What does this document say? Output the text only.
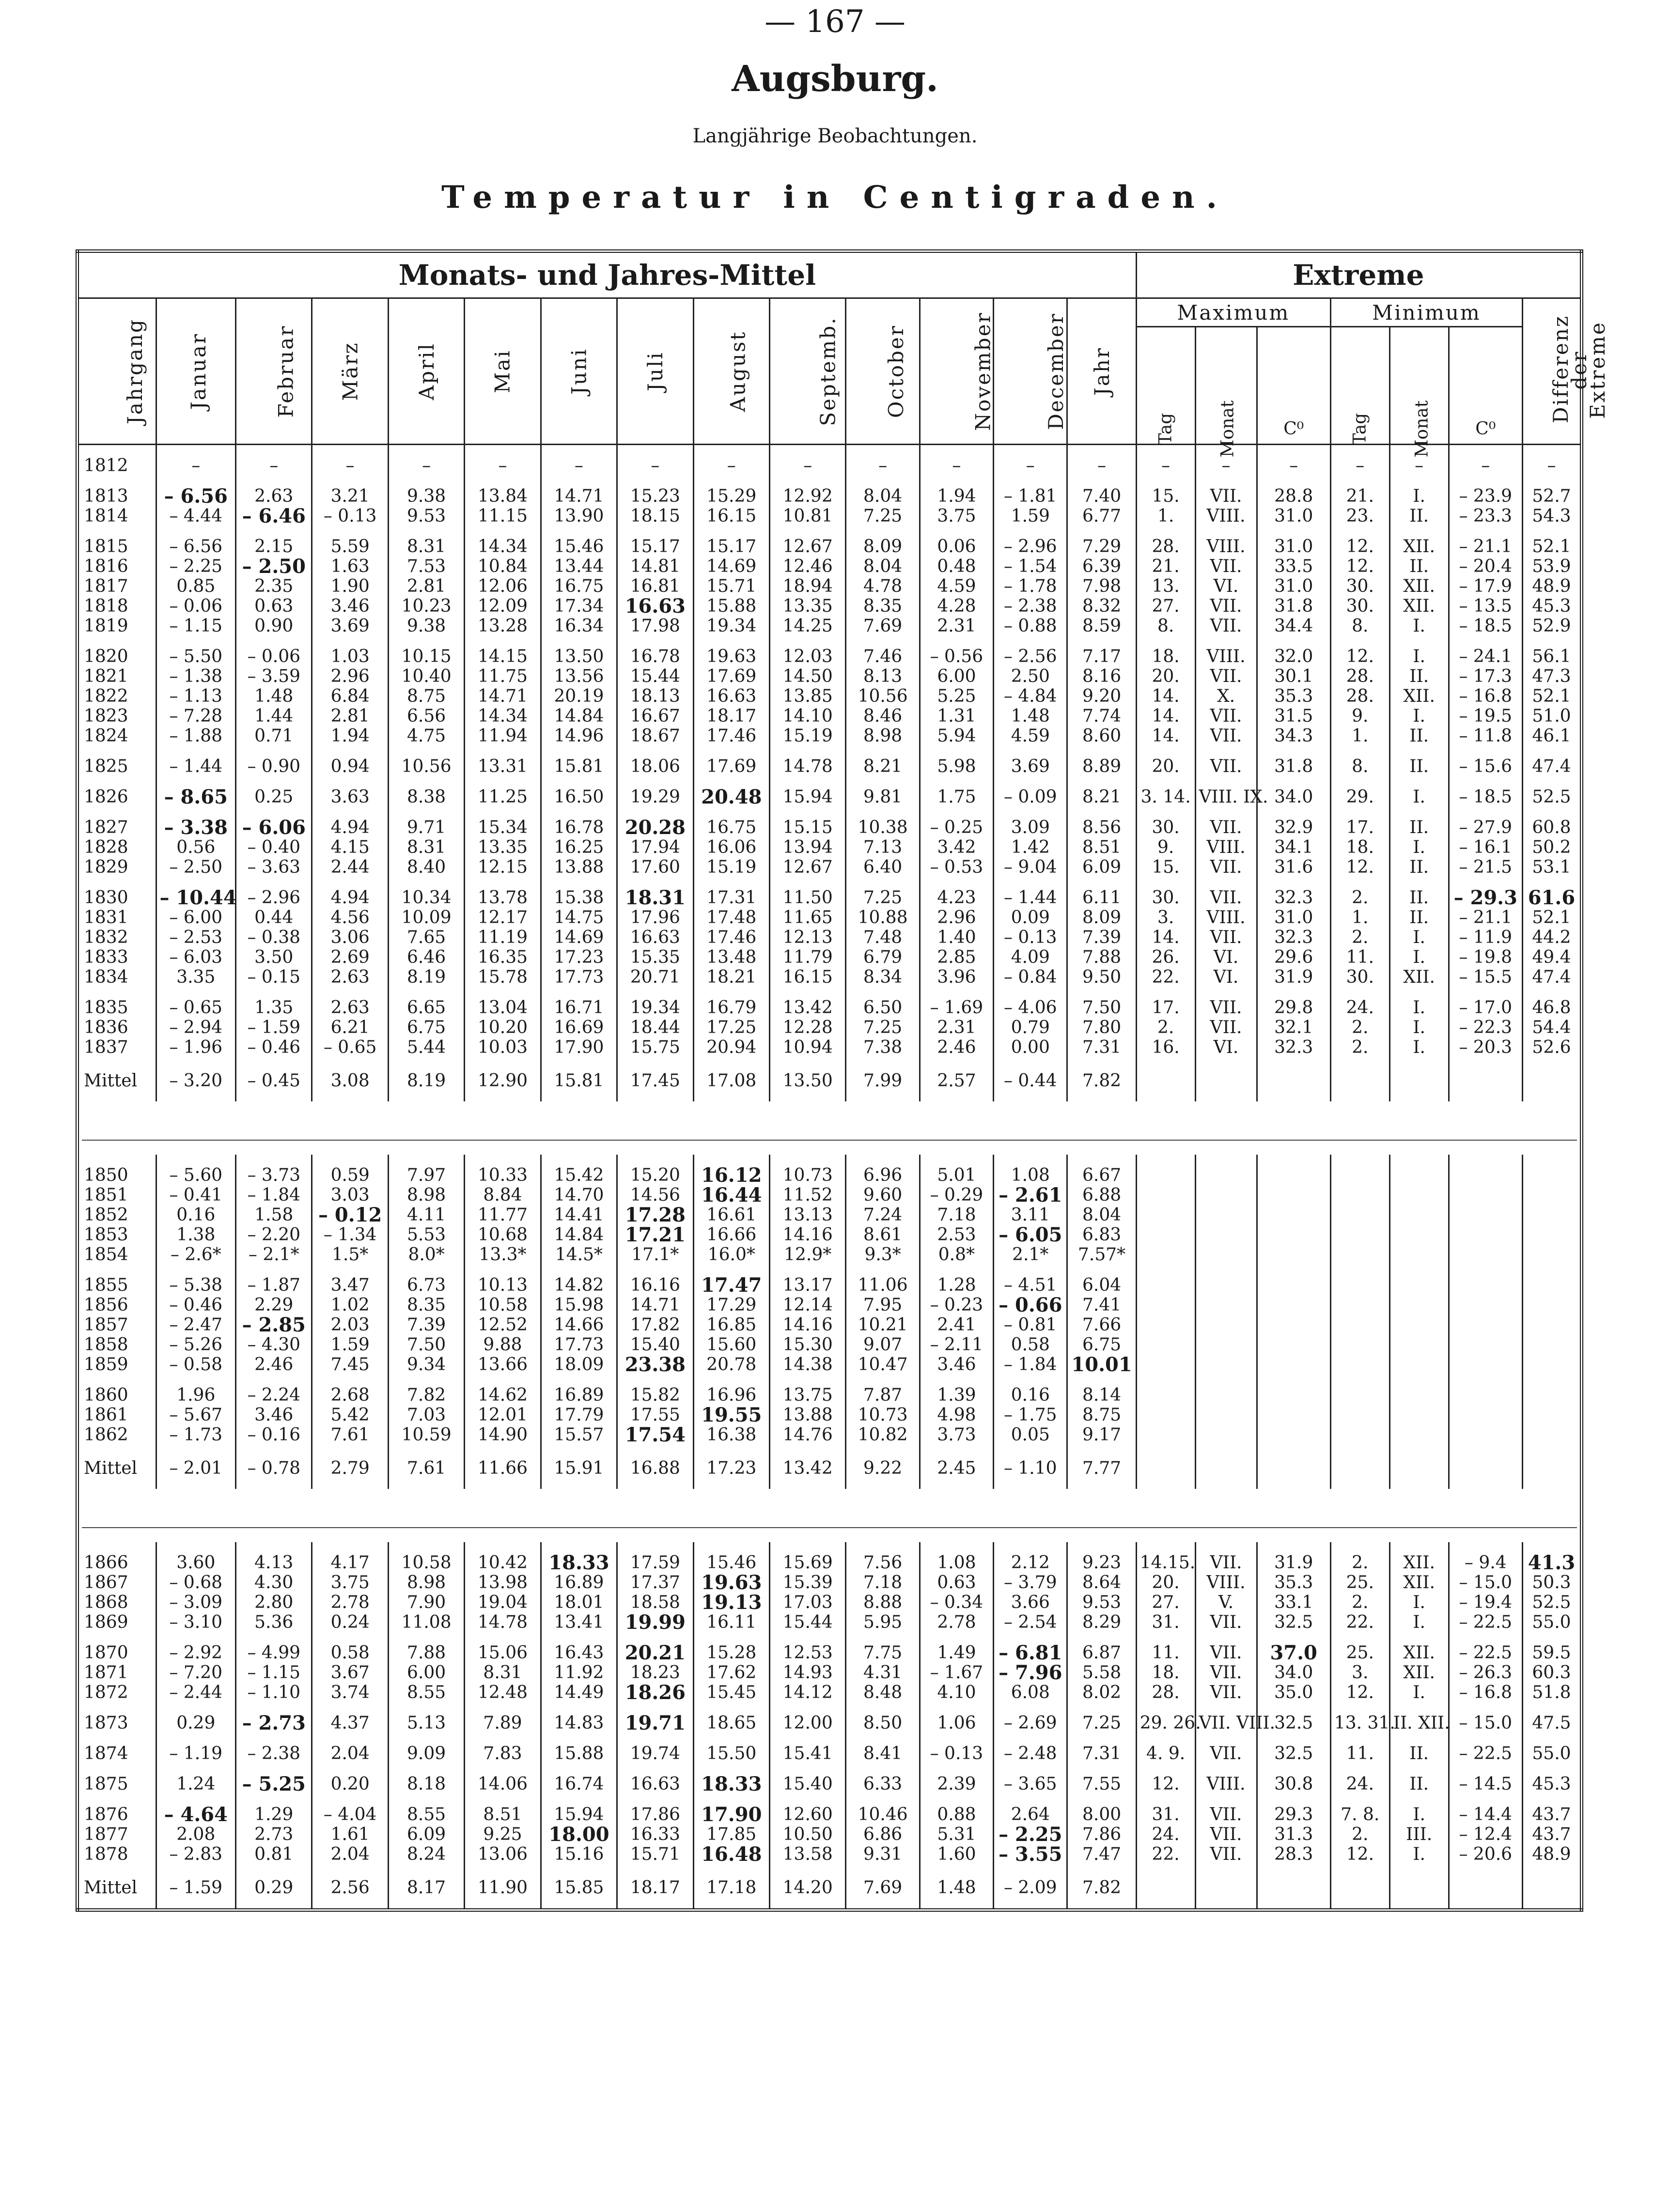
— 167 —
Augsburg.
Langjährige Beobachtungen.
Temperatur in Centigraden.
Monats- und Jahres-Mittel														Extreme						
Jahrgang	Januar	Februar	März	April	Mai	Juni	Juli	August	Septemb.	October	November	December	Jahr	Maximum			Minimum			Differenz der Extreme
														Tag	Monat	C⁰	Tag	Monat	C⁰	

1812	–	–	–	–	–	–	–	–	–	–	–	–	–	–	–	–	–	–	–	–

1813	– 6.56	2.63	3.21	9.38	13.84	14.71	15.23	15.29	12.92	8.04	1.94	– 1.81	7.40	15.	VII.	28.8	21.	I.	– 23.9	52.7
1814	– 4.44	– 6.46	– 0.13	9.53	11.15	13.90	18.15	16.15	10.81	7.25	3.75	1.59	6.77	1.	VIII.	31.0	23.	II.	– 23.3	54.3

1815	– 6.56	2.15	5.59	8.31	14.34	15.46	15.17	15.17	12.67	8.09	0.06	– 2.96	7.29	28.	VIII.	31.0	12.	XII.	– 21.1	52.1
1816	– 2.25	– 2.50	1.63	7.53	10.84	13.44	14.81	14.69	12.46	8.04	0.48	– 1.54	6.39	21.	VII.	33.5	12.	II.	– 20.4	53.9
1817	0.85	2.35	1.90	2.81	12.06	16.75	16.81	15.71	18.94	4.78	4.59	– 1.78	7.98	13.	VI.	31.0	30.	XII.	– 17.9	48.9
1818	– 0.06	0.63	3.46	10.23	12.09	17.34	16.63	15.88	13.35	8.35	4.28	– 2.38	8.32	27.	VII.	31.8	30.	XII.	– 13.5	45.3
1819	– 1.15	0.90	3.69	9.38	13.28	16.34	17.98	19.34	14.25	7.69	2.31	– 0.88	8.59	8.	VII.	34.4	8.	I.	– 18.5	52.9

1820	– 5.50	– 0.06	1.03	10.15	14.15	13.50	16.78	19.63	12.03	7.46	– 0.56	– 2.56	7.17	18.	VIII.	32.0	12.	I.	– 24.1	56.1
1821	– 1.38	– 3.59	2.96	10.40	11.75	13.56	15.44	17.69	14.50	8.13	6.00	2.50	8.16	20.	VII.	30.1	28.	II.	– 17.3	47.3
1822	– 1.13	1.48	6.84	8.75	14.71	20.19	18.13	16.63	13.85	10.56	5.25	– 4.84	9.20	14.	X.	35.3	28.	XII.	– 16.8	52.1
1823	– 7.28	1.44	2.81	6.56	14.34	14.84	16.67	18.17	14.10	8.46	1.31	1.48	7.74	14.	VII.	31.5	9.	I.	– 19.5	51.0
1824	– 1.88	0.71	1.94	4.75	11.94	14.96	18.67	17.46	15.19	8.98	5.94	4.59	8.60	14.	VII.	34.3	1.	II.	– 11.8	46.1

1825	– 1.44	– 0.90	0.94	10.56	13.31	15.81	18.06	17.69	14.78	8.21	5.98	3.69	8.89	20.	VII.	31.8	8.	II.	– 15.6	47.4

1826	– 8.65	0.25	3.63	8.38	11.25	16.50	19.29	20.48	15.94	9.81	1.75	– 0.09	8.21	3. 14.	VIII. IX.	34.0	29.	I.	– 18.5	52.5

1827	– 3.38	– 6.06	4.94	9.71	15.34	16.78	20.28	16.75	15.15	10.38	– 0.25	3.09	8.56	30.	VII.	32.9	17.	II.	– 27.9	60.8
1828	0.56	– 0.40	4.15	8.31	13.35	16.25	17.94	16.06	13.94	7.13	3.42	1.42	8.51	9.	VIII.	34.1	18.	I.	– 16.1	50.2
1829	– 2.50	– 3.63	2.44	8.40	12.15	13.88	17.60	15.19	12.67	6.40	– 0.53	– 9.04	6.09	15.	VII.	31.6	12.	II.	– 21.5	53.1

1830	– 10.44	– 2.96	4.94	10.34	13.78	15.38	18.31	17.31	11.50	7.25	4.23	– 1.44	6.11	30.	VII.	32.3	2.	II.	– 29.3	61.6
1831	– 6.00	0.44	4.56	10.09	12.17	14.75	17.96	17.48	11.65	10.88	2.96	0.09	8.09	3.	VIII.	31.0	1.	II.	– 21.1	52.1
1832	– 2.53	– 0.38	3.06	7.65	11.19	14.69	16.63	17.46	12.13	7.48	1.40	– 0.13	7.39	14.	VII.	32.3	2.	I.	– 11.9	44.2
1833	– 6.03	3.50	2.69	6.46	16.35	17.23	15.35	13.48	11.79	6.79	2.85	4.09	7.88	26.	VI.	29.6	11.	I.	– 19.8	49.4
1834	3.35	– 0.15	2.63	8.19	15.78	17.73	20.71	18.21	16.15	8.34	3.96	– 0.84	9.50	22.	VI.	31.9	30.	XII.	– 15.5	47.4

1835	– 0.65	1.35	2.63	6.65	13.04	16.71	19.34	16.79	13.42	6.50	– 1.69	– 4.06	7.50	17.	VII.	29.8	24.	I.	– 17.0	46.8
1836	– 2.94	– 1.59	6.21	6.75	10.20	16.69	18.44	17.25	12.28	7.25	2.31	0.79	7.80	2.	VII.	32.1	2.	I.	– 22.3	54.4
1837	– 1.96	– 0.46	– 0.65	5.44	10.03	17.90	15.75	20.94	10.94	7.38	2.46	0.00	7.31	16.	VI.	32.3	2.	I.	– 20.3	52.6

Mittel	– 3.20	– 0.45	3.08	8.19	12.90	15.81	17.45	17.08	13.50	7.99	2.57	– 0.44	7.82							

1850	– 5.60	– 3.73	0.59	7.97	10.33	15.42	15.20	16.12	10.73	6.96	5.01	1.08	6.67							
1851	– 0.41	– 1.84	3.03	8.98	8.84	14.70	14.56	16.44	11.52	9.60	– 0.29	– 2.61	6.88							
1852	0.16	1.58	– 0.12	4.11	11.77	14.41	17.28	16.61	13.13	7.24	7.18	3.11	8.04							
1853	1.38	– 2.20	– 1.34	5.53	10.68	14.84	17.21	16.66	14.16	8.61	2.53	– 6.05	6.83							
1854	– 2.6*	– 2.1*	1.5*	8.0*	13.3*	14.5*	17.1*	16.0*	12.9*	9.3*	0.8*	2.1*	7.57*							

1855	– 5.38	– 1.87	3.47	6.73	10.13	14.82	16.16	17.47	13.17	11.06	1.28	– 4.51	6.04							
1856	– 0.46	2.29	1.02	8.35	10.58	15.98	14.71	17.29	12.14	7.95	– 0.23	– 0.66	7.41							
1857	– 2.47	– 2.85	2.03	7.39	12.52	14.66	17.82	16.85	14.16	10.21	2.41	– 0.81	7.66							
1858	– 5.26	– 4.30	1.59	7.50	9.88	17.73	15.40	15.60	15.30	9.07	– 2.11	0.58	6.75							
1859	– 0.58	2.46	7.45	9.34	13.66	18.09	23.38	20.78	14.38	10.47	3.46	– 1.84	10.01							

1860	1.96	– 2.24	2.68	7.82	14.62	16.89	15.82	16.96	13.75	7.87	1.39	0.16	8.14							
1861	– 5.67	3.46	5.42	7.03	12.01	17.79	17.55	19.55	13.88	10.73	4.98	– 1.75	8.75							
1862	– 1.73	– 0.16	7.61	10.59	14.90	15.57	17.54	16.38	14.76	10.82	3.73	0.05	9.17							

Mittel	– 2.01	– 0.78	2.79	7.61	11.66	15.91	16.88	17.23	13.42	9.22	2.45	– 1.10	7.77							

1866	3.60	4.13	4.17	10.58	10.42	18.33	17.59	15.46	15.69	7.56	1.08	2.12	9.23	14.15.	VII.	31.9	2.	XII.	– 9.4	41.3
1867	– 0.68	4.30	3.75	8.98	13.98	16.89	17.37	19.63	15.39	7.18	0.63	– 3.79	8.64	20.	VIII.	35.3	25.	XII.	– 15.0	50.3
1868	– 3.09	2.80	2.78	7.90	19.04	18.01	18.58	19.13	17.03	8.88	– 0.34	3.66	9.53	27.	V.	33.1	2.	I.	– 19.4	52.5
1869	– 3.10	5.36	0.24	11.08	14.78	13.41	19.99	16.11	15.44	5.95	2.78	– 2.54	8.29	31.	VII.	32.5	22.	I.	– 22.5	55.0

1870	– 2.92	– 4.99	0.58	7.88	15.06	16.43	20.21	15.28	12.53	7.75	1.49	– 6.81	6.87	11.	VII.	37.0	25.	XII.	– 22.5	59.5
1871	– 7.20	– 1.15	3.67	6.00	8.31	11.92	18.23	17.62	14.93	4.31	– 1.67	– 7.96	5.58	18.	VII.	34.0	3.	XII.	– 26.3	60.3
1872	– 2.44	– 1.10	3.74	8.55	12.48	14.49	18.26	15.45	14.12	8.48	4.10	6.08	8.02	28.	VII.	35.0	12.	I.	– 16.8	51.8

1873	0.29	– 2.73	4.37	5.13	7.89	14.83	19.71	18.65	12.00	8.50	1.06	– 2.69	7.25	29. 26.	VII. VIII.	32.5	13. 31.	II. XII.	– 15.0	47.5

1874	– 1.19	– 2.38	2.04	9.09	7.83	15.88	19.74	15.50	15.41	8.41	– 0.13	– 2.48	7.31	4. 9.	VII.	32.5	11.	II.	– 22.5	55.0

1875	1.24	– 5.25	0.20	8.18	14.06	16.74	16.63	18.33	15.40	6.33	2.39	– 3.65	7.55	12.	VIII.	30.8	24.	II.	– 14.5	45.3

1876	– 4.64	1.29	– 4.04	8.55	8.51	15.94	17.86	17.90	12.60	10.46	0.88	2.64	8.00	31.	VII.	29.3	7. 8.	I.	– 14.4	43.7
1877	2.08	2.73	1.61	6.09	9.25	18.00	16.33	17.85	10.50	6.86	5.31	– 2.25	7.86	24.	VII.	31.3	2.	III.	– 12.4	43.7
1878	– 2.83	0.81	2.04	8.24	13.06	15.16	15.71	16.48	13.58	9.31	1.60	– 3.55	7.47	22.	VII.	28.3	12.	I.	– 20.6	48.9

Mittel	– 1.59	0.29	2.56	8.17	11.90	15.85	18.17	17.18	14.20	7.69	1.48	– 2.09	7.82							
